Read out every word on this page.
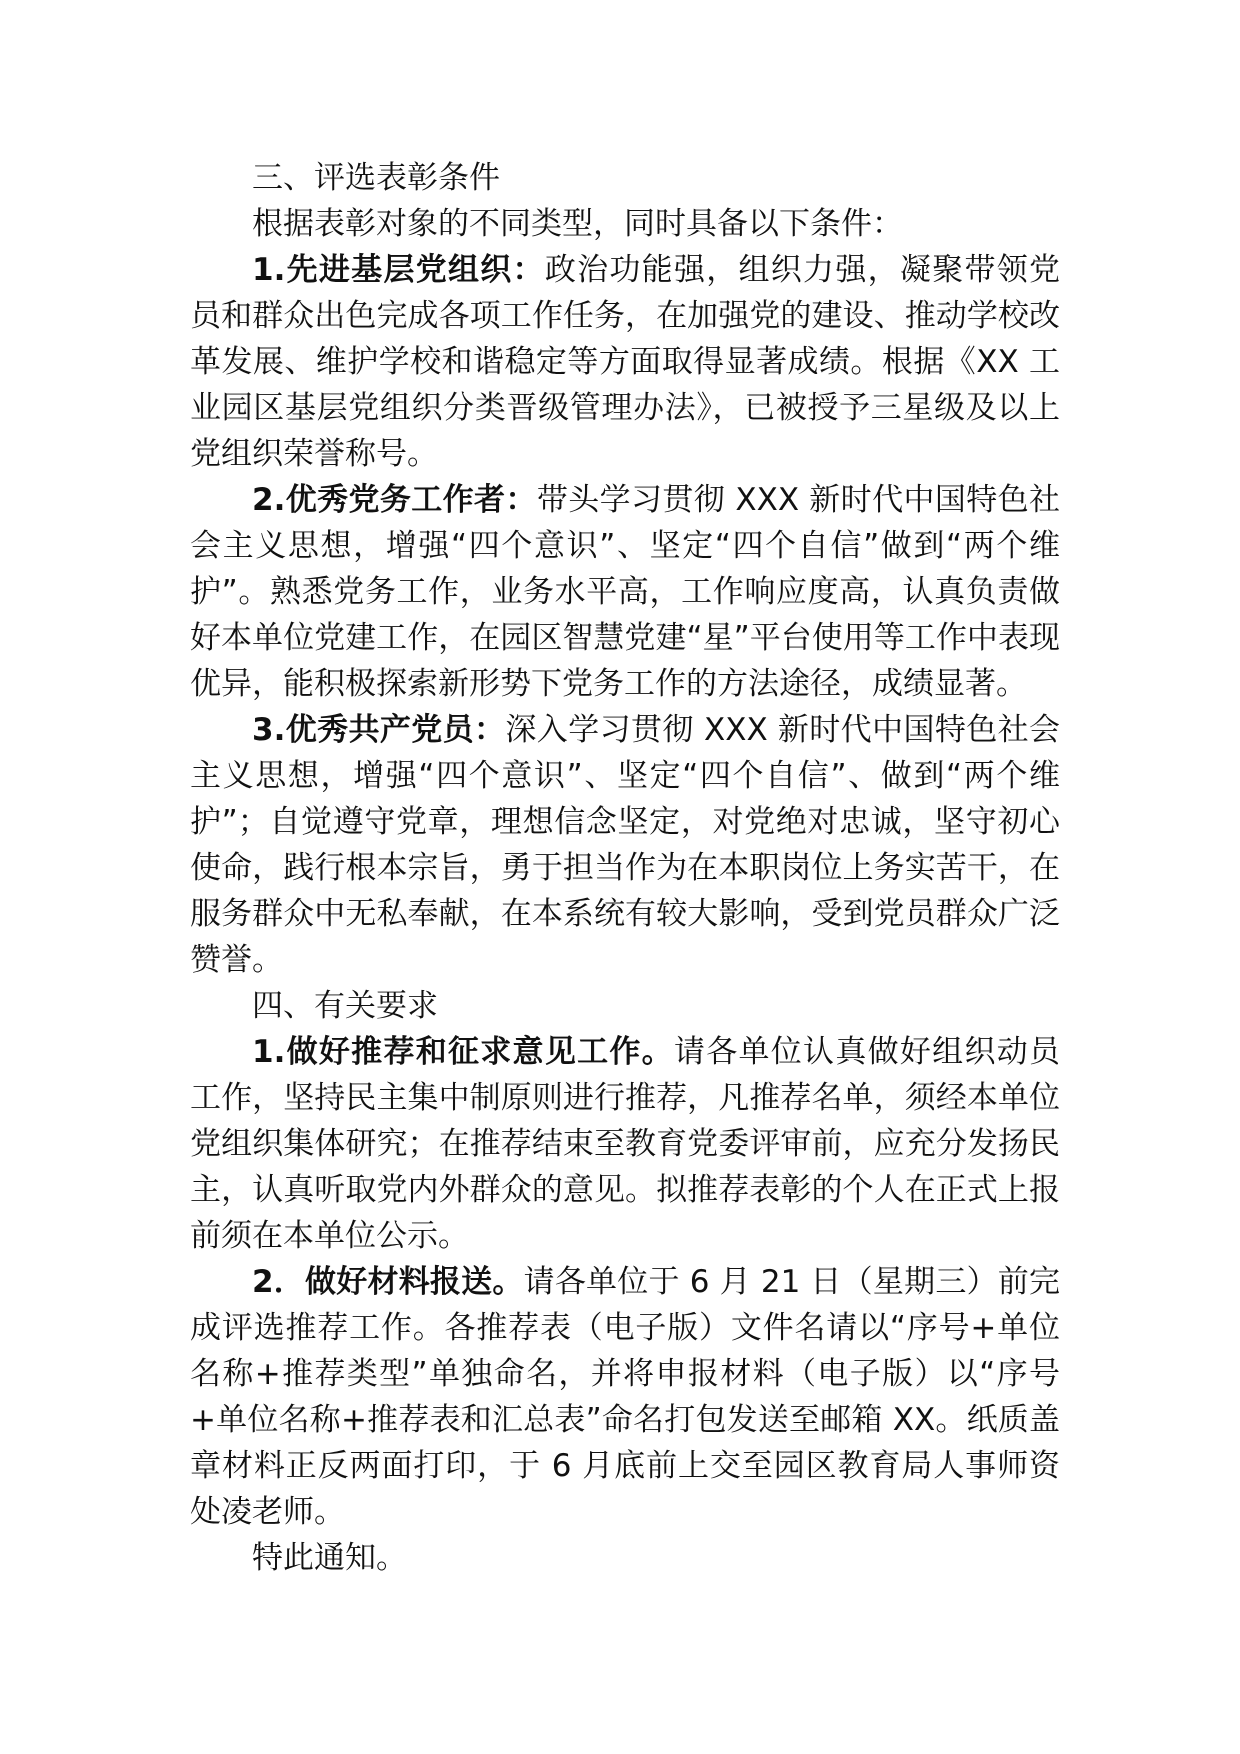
三、评选表彰条件

根据表彰对象的不同类型，同时具备以下条件：

1.先进基层党组织：政治功能强，组织力强，凝聚带领党员和群众出色完成各项工作任务，在加强党的建设、推动学校改革发展、维护学校和谐稳定等方面取得显著成绩。根据《XX 工业园区基层党组织分类晋级管理办法》，已被授予三星级及以上党组织荣誉称号。

2.优秀党务工作者：带头学习贯彻 XXX 新时代中国特色社会主义思想，增强“四个意识”、坚定“四个自信”做到“两个维护”。熟悉党务工作，业务水平高，工作响应度高，认真负责做好本单位党建工作，在园区智慧党建“星”平台使用等工作中表现优异，能积极探索新形势下党务工作的方法途径，成绩显著。

3.优秀共产党员：深入学习贯彻 XXX 新时代中国特色社会主义思想，增强“四个意识”、坚定“四个自信”、做到“两个维护”；自觉遵守党章，理想信念坚定，对党绝对忠诚，坚守初心使命，践行根本宗旨，勇于担当作为在本职岗位上务实苦干，在服务群众中无私奉献，在本系统有较大影响，受到党员群众广泛赞誉。

四、有关要求

1.做好推荐和征求意见工作。请各单位认真做好组织动员工作，坚持民主集中制原则进行推荐，凡推荐名单，须经本单位党组织集体研究；在推荐结束至教育党委评审前，应充分发扬民主，认真听取党内外群众的意见。拟推荐表彰的个人在正式上报前须在本单位公示。

2．做好材料报送。请各单位于 6 月 21 日（星期三）前完成评选推荐工作。各推荐表（电子版）文件名请以“序号+单位名称+推荐类型”单独命名，并将申报材料（电子版）以“序号+单位名称+推荐表和汇总表”命名打包发送至邮箱 XX。纸质盖章材料正反两面打印，于 6 月底前上交至园区教育局人事师资处凌老师。

特此通知。
